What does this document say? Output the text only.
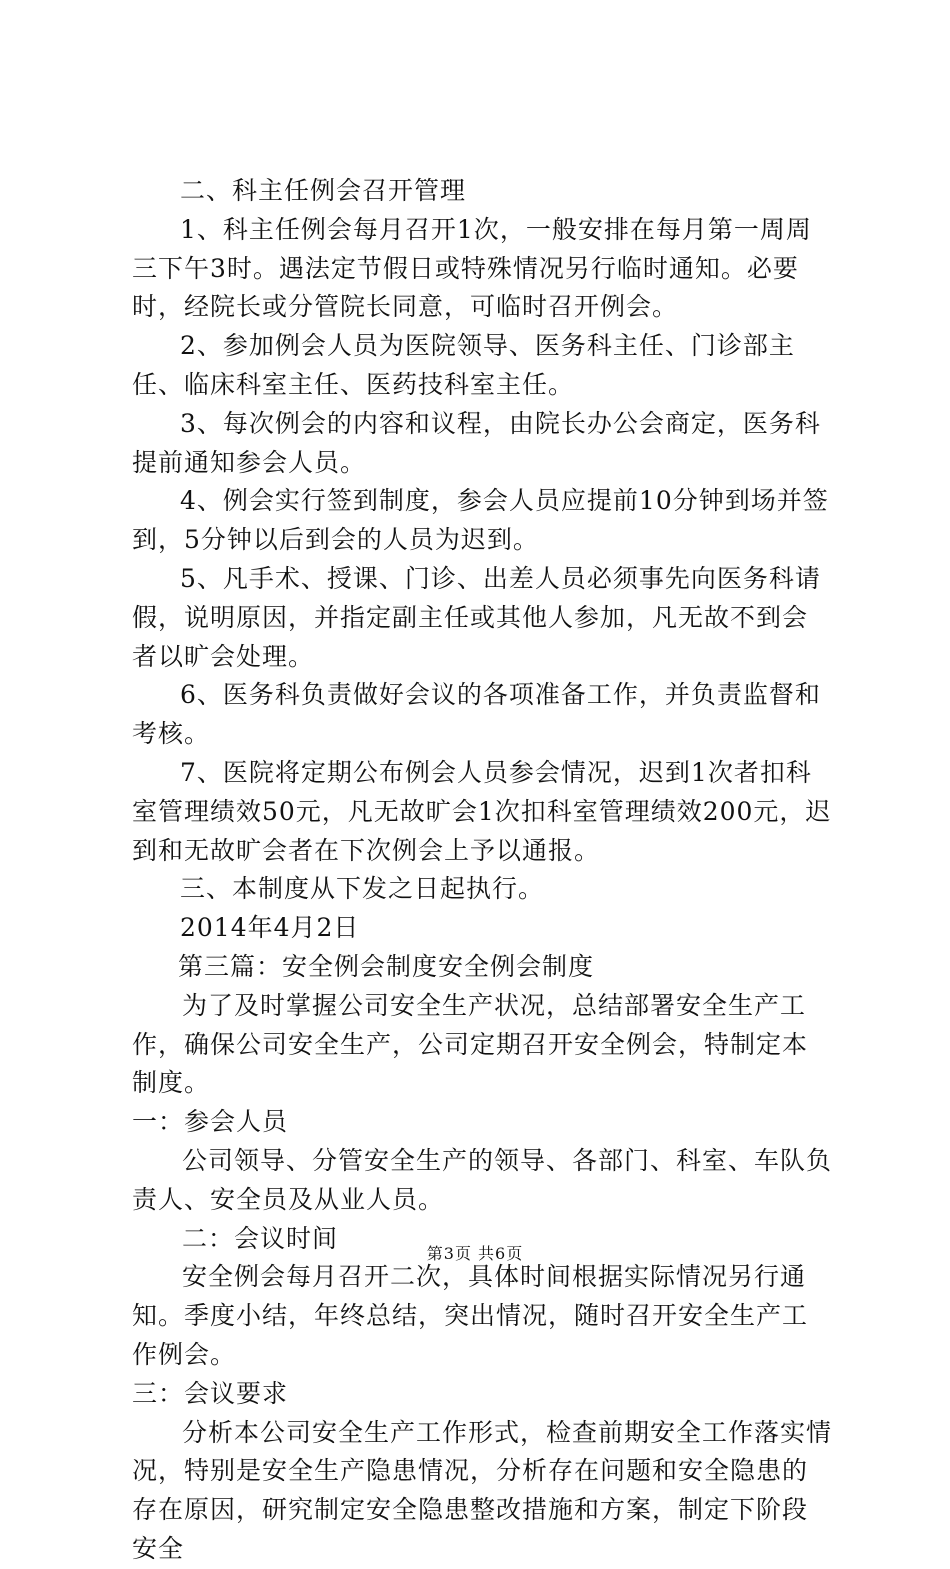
二、科主任例会召开管理

1、科主任例会每月召开1次，一般安排在每月第一周周三下午3时。遇法定节假日或特殊情况另行临时通知。必要时，经院长或分管院长同意，可临时召开例会。

2、参加例会人员为医院领导、医务科主任、门诊部主任、临床科室主任、医药技科室主任。

3、每次例会的内容和议程，由院长办公会商定，医务科提前通知参会人员。

4、例会实行签到制度，参会人员应提前10分钟到场并签到，5分钟以后到会的人员为迟到。

5、凡手术、授课、门诊、出差人员必须事先向医务科请假，说明原因，并指定副主任或其他人参加，凡无故不到会者以旷会处理。

6、医务科负责做好会议的各项准备工作，并负责监督和考核。

7、医院将定期公布例会人员参会情况，迟到1次者扣科室管理绩效50元，凡无故旷会1次扣科室管理绩效200元，迟到和无故旷会者在下次例会上予以通报。

三、本制度从下发之日起执行。

2014年4月2日

第三篇：安全例会制度安全例会制度

为了及时掌握公司安全生产状况，总结部署安全生产工作，确保公司安全生产，公司定期召开安全例会，特制定本制度。

一：参会人员

公司领导、分管安全生产的领导、各部门、科室、车队负责人、安全员及从业人员。

二：会议时间

安全例会每月召开二次，具体时间根据实际情况另行通知。季度小结，年终总结，突出情况，随时召开安全生产工作例会。

三：会议要求

分析本公司安全生产工作形式，检查前期安全工作落实情况，特别是安全生产隐患情况，分析存在问题和安全隐患的存在原因，研究制定安全隐患整改措施和方案，制定下阶段安全

第3页 共6页
